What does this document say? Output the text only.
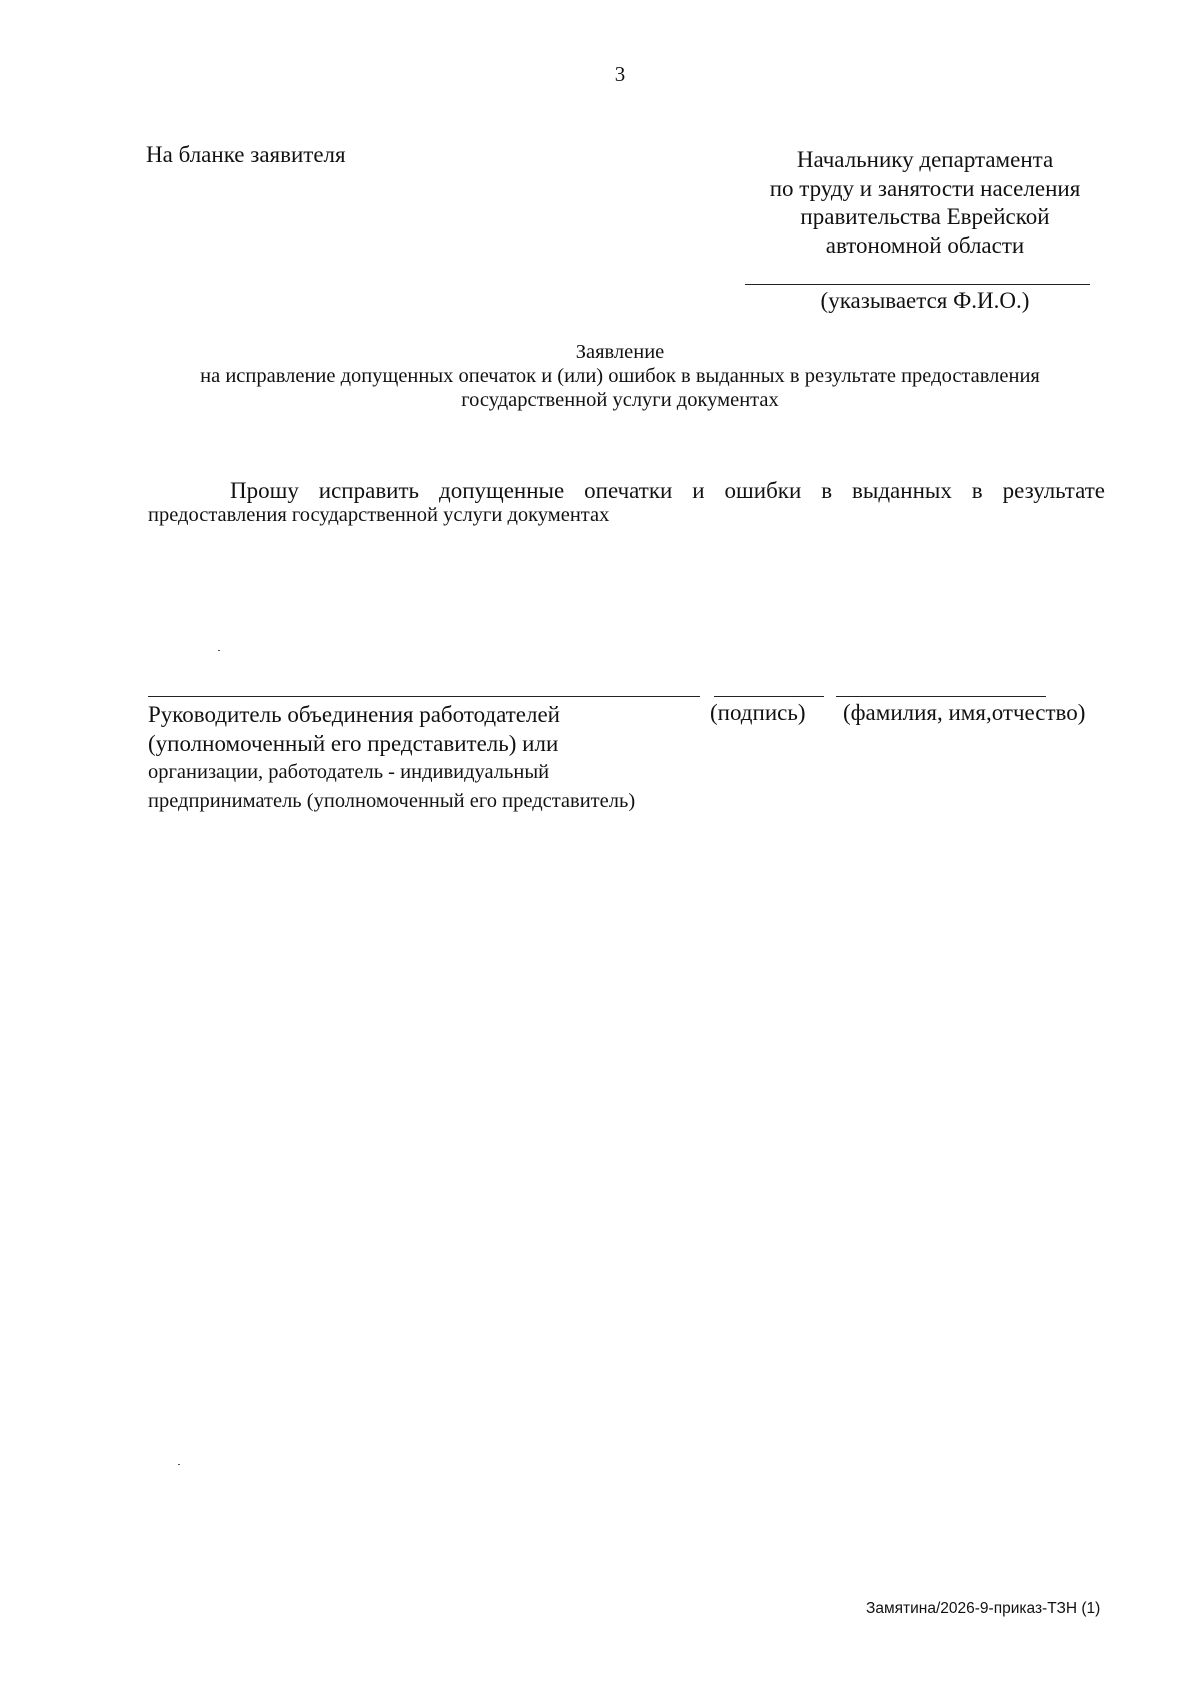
3
На бланке заявителя	Начальнику департамента
по труду и занятости населения
правительства Еврейской
автономной области
(указывается Ф.И.О.)
Заявление
на исправление допущенных опечаток и (или) ошибок в выданных в результате предоставления
государственной услуги документах
Прошу исправить допущенные опечатки и ошибки в выданных в результате
предоставления государственной услуги документах
Руководитель объединения работодателей
(уполномоченный его представитель) или
организации, работодатель - индивидуальный
предприниматель (уполномоченный его представитель)
(подпись) (фамилия, имя,отчество)
Замятина/2026-9-приказ-ТЗН (1)
